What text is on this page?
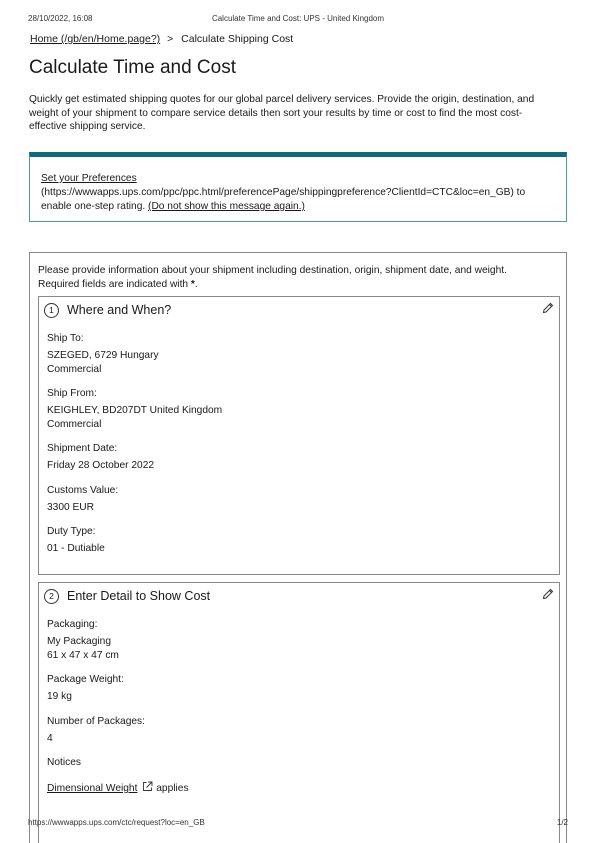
28/10/2022, 16:08	Calculate Time and Cost: UPS - United Kingdom
Home (/gb/en/Home.page?) > Calculate Shipping Cost
Calculate Time and Cost
Quickly get estimated shipping quotes for our global parcel delivery services. Provide the origin, destination, and
weight of your shipment to compare service details then sort your results by time or cost to find the most cost-
effective shipping service.
Set your Preferences
(https://wwwapps.ups.com/ppc/ppc.html/preferencePage/shippingpreference?ClientId=CTC&loc=en_GB) to
enable one-step rating. (Do not show this message again.)
Please provide information about your shipment including destination, origin, shipment date, and weight.
Required fields are indicated with *.
1	Where and When?
Ship To:
SZEGED, 6729 Hungary
Commercial
Ship From:
KEIGHLEY, BD207DT United Kingdom
Commercial
Shipment Date:
Friday 28 October 2022
Customs Value:
3300 EUR
Duty Type:
01 - Dutiable
2	Enter Detail to Show Cost
Packaging:
My Packaging
61 x 47 x 47 cm
Package Weight:
19 kg
Number of Packages:
4
Notices
Dimensional Weight applies
https://wwwapps.ups.com/ctc/request?loc=en_GB	1/2
